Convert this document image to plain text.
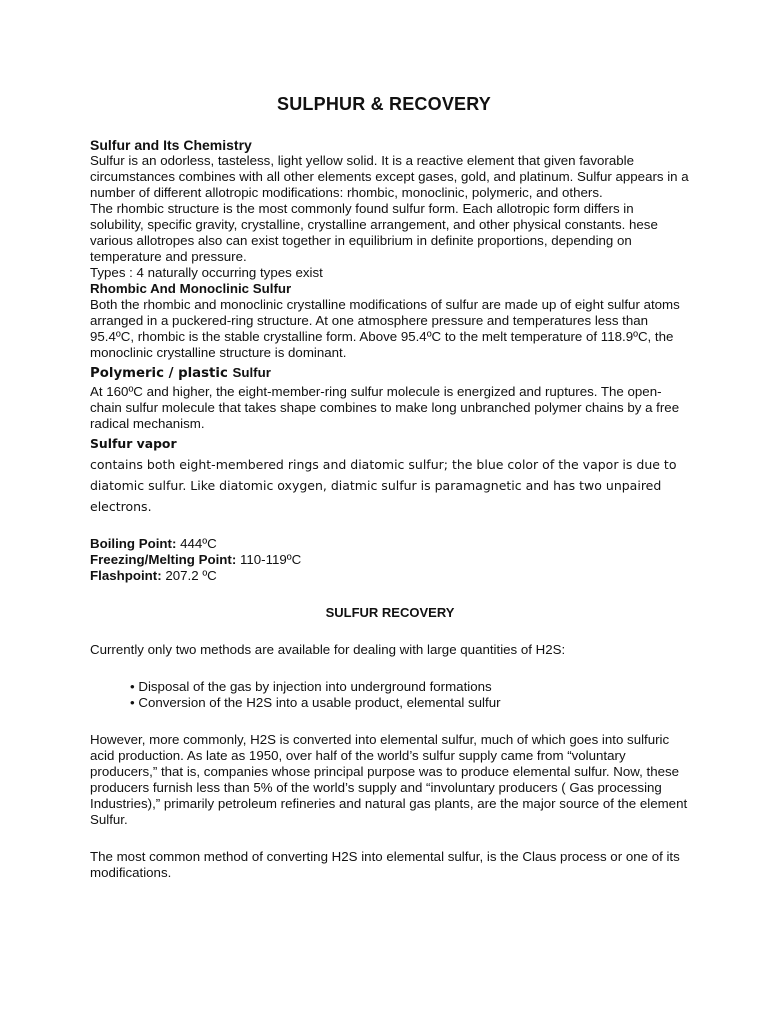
SULPHUR & RECOVERY
Sulfur and Its Chemistry

Sulfur is an odorless, tasteless, light yellow solid. It is a reactive element that given favorable circumstances combines with all other elements except gases, gold, and platinum. Sulfur appears in a number of different allotropic modifications: rhombic, monoclinic, polymeric, and others.

The rhombic structure is the most commonly found sulfur form. Each allotropic form differs in solubility, specific gravity, crystalline, crystalline arrangement, and other physical constants. hese various allotropes also can exist together in equilibrium in definite proportions, depending on temperature and pressure.

Types : 4 naturally occurring types exist

Rhombic And Monoclinic Sulfur

Both the rhombic and monoclinic crystalline modifications of sulfur are made up of eight sulfur atoms arranged in a puckered-ring structure. At one atmosphere pressure and temperatures less than 95.4ºC, rhombic is the stable crystalline form. Above 95.4ºC to the melt temperature of 118.9ºC, the monoclinic crystalline structure is dominant.

Polymeric / plastic Sulfur

At 160ºC and higher, the eight-member-ring sulfur molecule is energized and ruptures. The open-chain sulfur molecule that takes shape combines to make long unbranched polymer chains by a free radical mechanism.

Sulfur vapor

contains both eight-membered rings and diatomic sulfur; the blue color of the vapor is due to diatomic sulfur. Like diatomic oxygen, diatmic sulfur is paramagnetic and has two unpaired electrons.

Boiling Point: 444ºC
Freezing/Melting Point: 110-119ºC
Flashpoint: 207.2 ºC
SULFUR RECOVERY

Currently only two methods are available for dealing with large quantities of H2S:

• Disposal of the gas by injection into underground formations
• Conversion of the H2S into a usable product, elemental sulfur

However, more commonly, H2S is converted into elemental sulfur, much of which goes into sulfuric acid production. As late as 1950, over half of the world’s sulfur supply came from “voluntary producers,” that is, companies whose principal purpose was to produce elemental sulfur. Now, these producers furnish less than 5% of the world’s supply and “involuntary producers ( Gas processing Industries),” primarily petroleum refineries and natural gas plants, are the major source of the element Sulfur.

The most common method of converting H2S into elemental sulfur, is the Claus process or one of its modifications.
